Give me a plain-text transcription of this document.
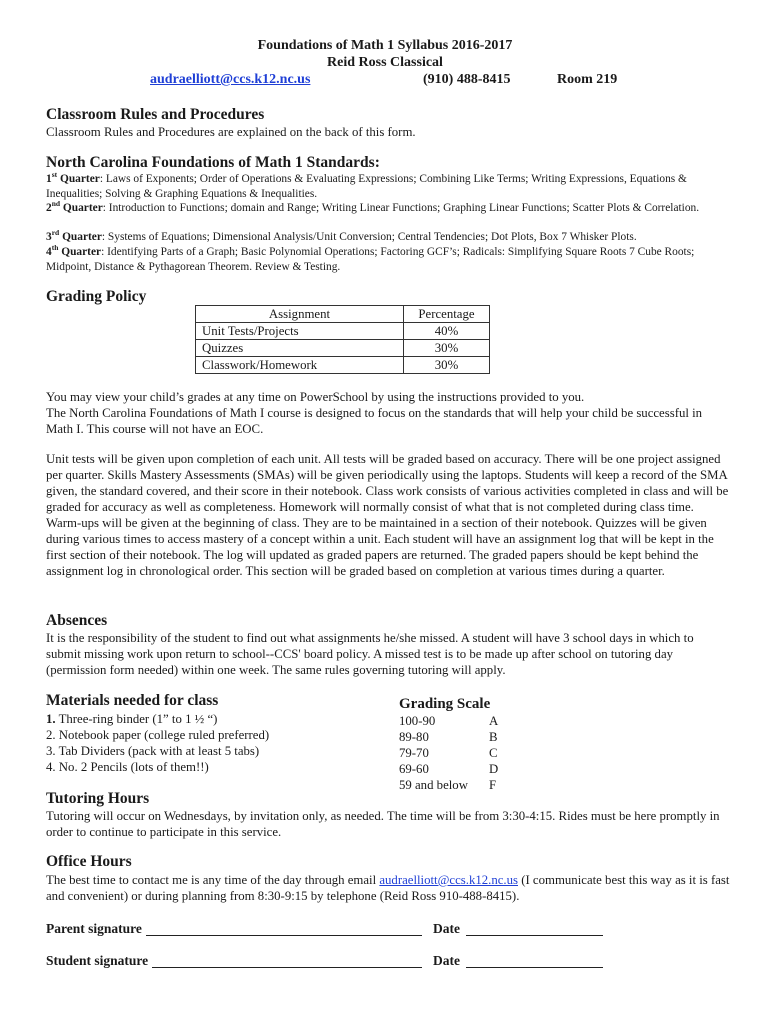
Foundations of Math 1 Syllabus 2016-2017
Reid Ross Classical
audraelliott@ccs.k12.nc.us	(910) 488-8415	Room 219
Classroom Rules and Procedures
Classroom Rules and Procedures are explained on the back of this form.
North Carolina Foundations of Math 1 Standards:
1st Quarter: Laws of Exponents; Order of Operations & Evaluating Expressions; Combining Like Terms; Writing Expressions, Equations & Inequalities; Solving & Graphing Equations & Inequalities.
2nd Quarter: Introduction to Functions; domain and Range; Writing Linear Functions; Graphing Linear Functions; Scatter Plots & Correlation.
3rd Quarter: Systems of Equations; Dimensional Analysis/Unit Conversion; Central Tendencies; Dot Plots, Box 7 Whisker Plots.
4th Quarter: Identifying Parts of a Graph; Basic Polynomial Operations; Factoring GCF’s; Radicals: Simplifying Square Roots 7 Cube Roots; Midpoint, Distance & Pythagorean Theorem. Review & Testing.
Grading Policy
Assignment	Percentage
Unit Tests/Projects	40%
Quizzes	30%
Classwork/Homework	30%
You may view your child’s grades at any time on PowerSchool by using the instructions provided to you.
The North Carolina Foundations of Math I course is designed to focus on the standards that will help your child be successful in Math I. This course will not have an EOC.
Unit tests will be given upon completion of each unit. All tests will be graded based on accuracy. There will be one project assigned per quarter. Skills Mastery Assessments (SMAs) will be given periodically using the laptops. Students will keep a record of the SMA given, the standard covered, and their score in their notebook. Class work consists of various activities completed in class and will be graded for accuracy as well as completeness. Homework will normally consist of what that is not completed during class time. Warm-ups will be given at the beginning of class. They are to be maintained in a section of their notebook. Quizzes will be given during various times to access mastery of a concept within a unit. Each student will have an assignment log that will be kept in the first section of their notebook. The log will updated as graded papers are returned. The graded papers should be kept behind the assignment log in chronological order. This section will be graded based on completion at various times during a quarter.
Absences
It is the responsibility of the student to find out what assignments he/she missed. A student will have 3 school days in which to submit missing work upon return to school--CCS' board policy. A missed test is to be made up after school on tutoring day (permission form needed) within one week. The same rules governing tutoring will apply.
Materials needed for class
1. Three-ring binder (1” to 1 ½ “)
2. Notebook paper (college ruled preferred)
3. Tab Dividers (pack with at least 5 tabs)
4. No. 2 Pencils (lots of them!!)
Grading Scale
100-90	A
89-80	B
79-70	C
69-60	D
59 and below F
Tutoring Hours
Tutoring will occur on Wednesdays, by invitation only, as needed. The time will be from 3:30-4:15. Rides must be here promptly in order to continue to participate in this service.
Office Hours
The best time to contact me is any time of the day through email audraelliott@ccs.k12.nc.us (I communicate best this way as it is fast and convenient) or during planning from 8:30-9:15 by telephone (Reid Ross 910-488-8415).
Parent signature	Date
Student signature	Date
